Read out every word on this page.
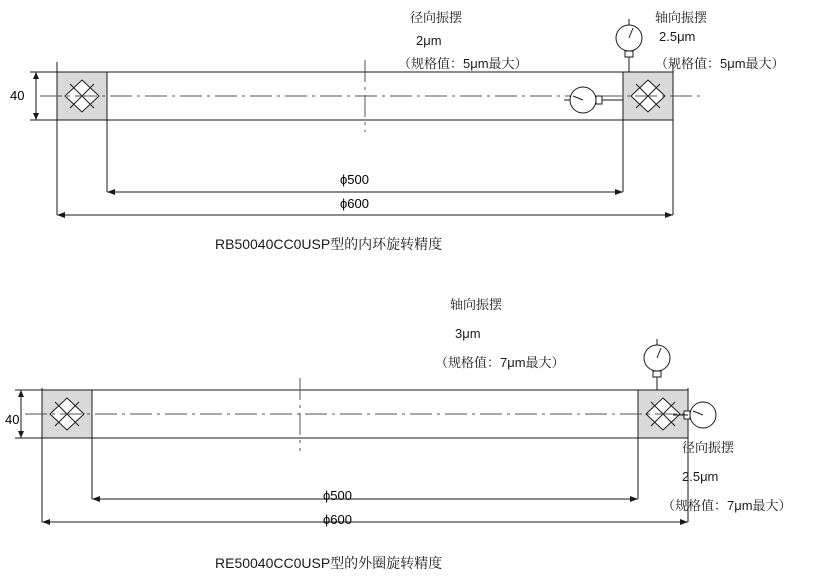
径向振摆
2μm
（规格值：5μm最大）
轴向振摆
2.5μm
（规格值：5μm最大）
40
ϕ500
ϕ600
RB50040CC0USP型的内环旋转精度
轴向振摆
3μm
（规格值：7μm最大）
径向振摆
2.5μm
（规格值：7μm最大）
40
ϕ500
ϕ600
RE50040CC0USP型的外圈旋转精度
